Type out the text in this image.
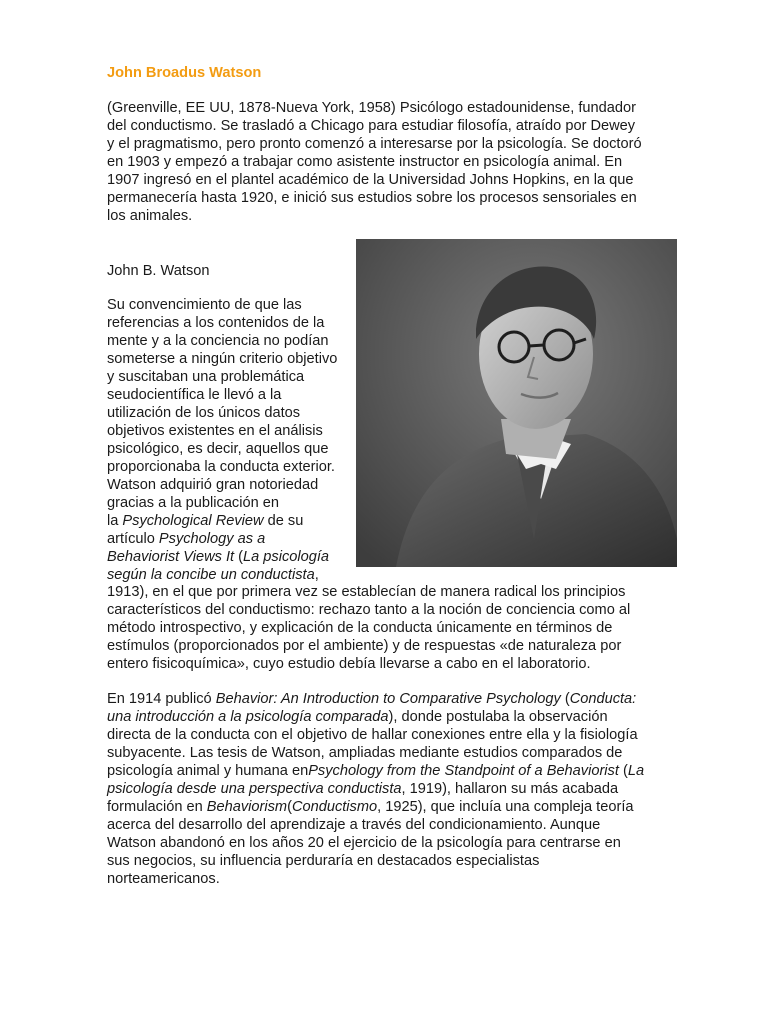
John Broadus Watson
(Greenville, EE UU, 1878-Nueva York, 1958) Psicólogo estadounidense, fundador
del conductismo. Se trasladó a Chicago para estudiar filosofía, atraído por Dewey
y el pragmatismo, pero pronto comenzó a interesarse por la psicología. Se doctoró
en 1903 y empezó a trabajar como asistente instructor en psicología animal. En
1907 ingresó en el plantel académico de la Universidad Johns Hopkins, en la que
permanecería hasta 1920, e inició sus estudios sobre los procesos sensoriales en
los animales.
John B. Watson
Su convencimiento de que las
referencias a los contenidos de la
mente y a la conciencia no podían
someterse a ningún criterio objetivo
y suscitaban una problemática
seudocientífica le llevó a la
utilización de los únicos datos
objetivos existentes en el análisis
psicológico, es decir, aquellos que
proporcionaba la conducta exterior.
Watson adquirió gran notoriedad
gracias a la publicación en
la Psychological Review de su
artículo Psychology as a
Behaviorist Views It (La psicología
según la concibe un conductista,
1913), en el que por primera vez se establecían de manera radical los principios
característicos del conductismo: rechazo tanto a la noción de conciencia como al
método introspectivo, y explicación de la conducta únicamente en términos de
estímulos (proporcionados por el ambiente) y de respuestas «de naturaleza por
entero fisicoquímica», cuyo estudio debía llevarse a cabo en el laboratorio.
En 1914 publicó Behavior: An Introduction to Comparative Psychology (Conducta:
una introducción a la psicología comparada), donde postulaba la observación
directa de la conducta con el objetivo de hallar conexiones entre ella y la fisiología
subyacente. Las tesis de Watson, ampliadas mediante estudios comparados de
psicología animal y humana enPsychology from the Standpoint of a Behaviorist (La
psicología desde una perspectiva conductista, 1919), hallaron su más acabada
formulación en Behaviorism(Conductismo, 1925), que incluía una compleja teoría
acerca del desarrollo del aprendizaje a través del condicionamiento. Aunque
Watson abandonó en los años 20 el ejercicio de la psicología para centrarse en
sus negocios, su influencia perduraría en destacados especialistas
norteamericanos.
